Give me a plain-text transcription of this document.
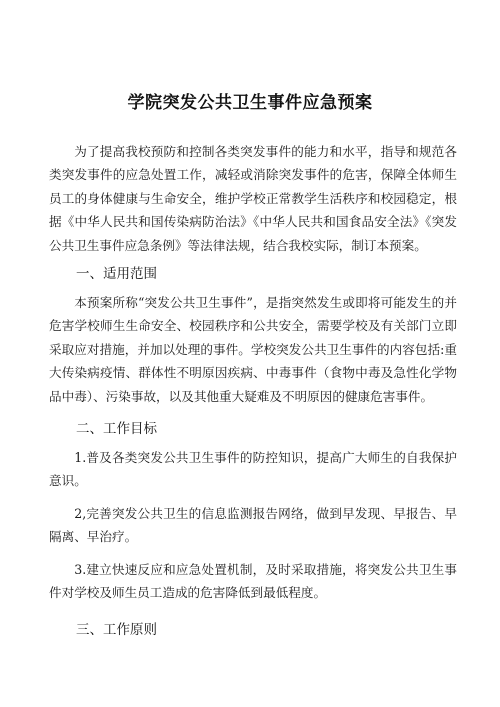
学院突发公共卫生事件应急预案

为了提高我校预防和控制各类突发事件的能力和水平，指导和规范各类突发事件的应急处置工作，减轻或消除突发事件的危害，保障全体师生员工的身体健康与生命安全，维护学校正常教学生活秩序和校园稳定，根据《中华人民共和国传染病防治法》《中华人民共和国食品安全法》《突发公共卫生事件应急条例》等法律法规，结合我校实际，制订本预案。

一、适用范围

本预案所称“突发公共卫生事件”，是指突然发生或即将可能发生的并危害学校师生生命安全、校园秩序和公共安全，需要学校及有关部门立即采取应对措施，并加以处理的事件。学校突发公共卫生事件的内容包括:重大传染病疫情、群体性不明原因疾病、中毒事件（食物中毒及急性化学物品中毒）、污染事故，以及其他重大疑难及不明原因的健康危害事件。

二、工作目标

1.普及各类突发公共卫生事件的防控知识，提高广大师生的自我保护意识。

2,完善突发公共卫生的信息监测报告网络，做到早发现、早报告、早隔离、早治疗。

3.建立快速反应和应急处置机制，及时采取措施，将突发公共卫生事件对学校及师生员工造成的危害降低到最低程度。

三、工作原则
